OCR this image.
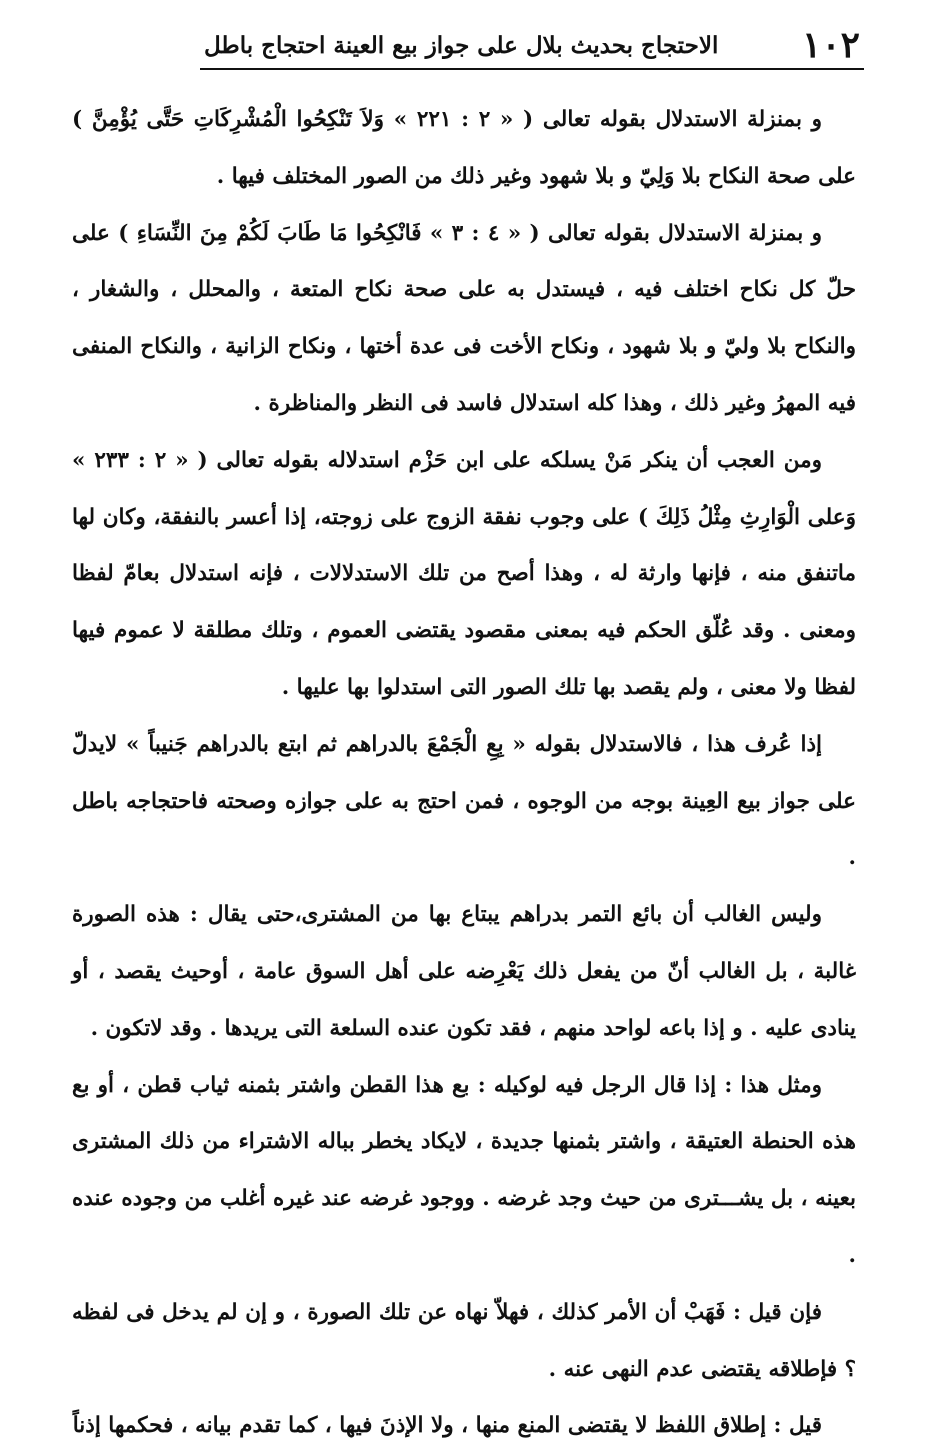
١٠٢
الاحتجاج بحديث بلال على جواز بيع العينة احتجاج باطل

و بمنزلة الاستدلال بقوله تعالى ( « ٢ : ٢٢١ » وَلاَ تَنْكِحُوا الْمُشْرِكَاتِ حَتَّى يُؤْمِنَّ ) على صحة النكاح بلا وَلِيّ و بلا شهود وغير ذلك من الصور المختلف فيها .

و بمنزلة الاستدلال بقوله تعالى ( « ٤ : ٣ » فَانْكِحُوا مَا طَابَ لَكُمْ مِنَ النِّسَاءِ ) على حلّ كل نكاح اختلف فيه ، فيستدل به على صحة نكاح المتعة ، والمحلل ، والشغار ، والنكاح بلا وليّ و بلا شهود ، ونكاح الأخت فى عدة أختها ، ونكاح الزانية ، والنكاح المنفى فيه المهرُ وغير ذلك ، وهذا كله استدلال فاسد فى النظر والمناظرة .

ومن العجب أن ينكر مَنْ يسلكه على ابن حَزْم استدلاله بقوله تعالى ( « ٢ : ٢٣٣ » وَعلى الْوَارِثِ مِثْلُ ذَلِكَ ) على وجوب نفقة الزوج على زوجته، إذا أعسر بالنفقة، وكان لها ماتنفق منه ، فإنها وارثة له ، وهذا أصح من تلك الاستدلالات ، فإنه استدلال بعامّ لفظا ومعنى . وقد عُلّق الحكم فيه بمعنى مقصود يقتضى العموم ، وتلك مطلقة لا عموم فيها لفظا ولا معنى ، ولم يقصد بها تلك الصور التى استدلوا بها عليها .

إذا عُرف هذا ، فالاستدلال بقوله « بِعِ الْجَمْعَ بالدراهم ثم ابتع بالدراهم جَنيباً » لايدلّ على جواز بيع العِينة بوجه من الوجوه ، فمن احتج به على جوازه وصحته فاحتجاجه باطل .

وليس الغالب أن بائع التمر بدراهم يبتاع بها من المشترى،حتى يقال : هذه الصورة غالبة ، بل الغالب أنّ من يفعل ذلك يَعْرِضه على أهل السوق عامة ، أوحيث يقصد ، أو ينادى عليه . و إذا باعه لواحد منهم ، فقد تكون عنده السلعة التى يريدها . وقد لاتكون .

ومثل هذا : إذا قال الرجل فيه لوكيله : بع هذا القطن واشتر بثمنه ثياب قطن ، أو بع هذه الحنطة العتيقة ، واشتر بثمنها جديدة ، لايكاد يخطر بباله الاشتراء من ذلك المشترى بعينه ، بل يشـــترى من حيث وجد غرضه . ووجود غرضه عند غيره أغلب من وجوده عنده .

فإن قيل : فَهَبْ أن الأمر كذلك ، فهلاّ نهاه عن تلك الصورة ، و إن لم يدخل فى لفظه ؟ فإطلاقه يقتضى عدم النهى عنه .

قيل : إطلاق اللفظ لا يقتضى المنع منها ، ولا الإذنَ فيها ، كما تقدم بيانه ، فحكمها إذناً
